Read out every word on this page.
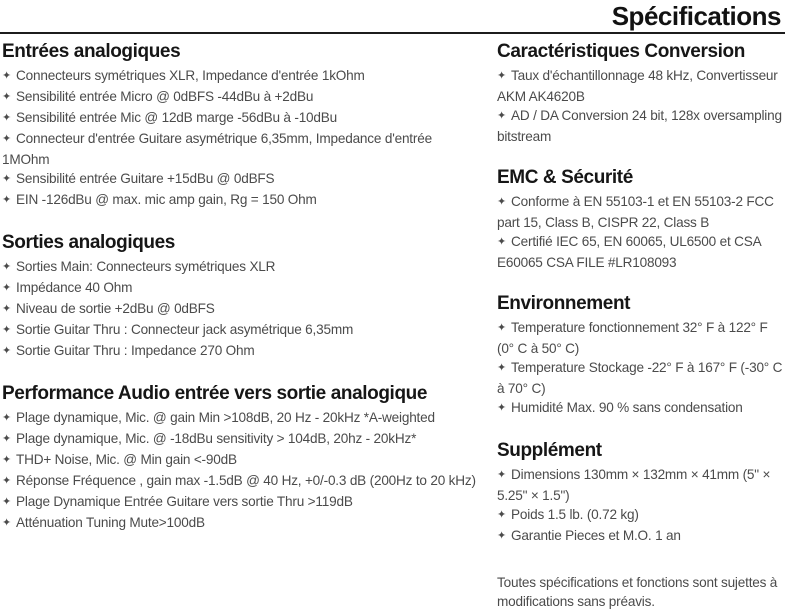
Spécifications
Entrées analogiques
✦ Connecteurs symétriques XLR, Impedance d'entrée 1kOhm
✦ Sensibilité entrée Micro @ 0dBFS -44dBu à +2dBu
✦ Sensibilité entrée Mic @ 12dB marge -56dBu à -10dBu
✦ Connecteur d'entrée Guitare asymétrique 6,35mm, Impedance d'entrée 1MOhm
✦ Sensibilité entrée Guitare +15dBu @ 0dBFS
✦ EIN -126dBu @ max. mic amp gain, Rg = 150 Ohm
Sorties analogiques
✦ Sorties Main: Connecteurs symétriques XLR
✦ Impédance 40 Ohm
✦ Niveau de sortie +2dBu @ 0dBFS
✦ Sortie Guitar Thru : Connecteur jack asymétrique 6,35mm
✦ Sortie Guitar Thru : Impedance 270 Ohm
Performance Audio entrée vers sortie analogique
✦ Plage dynamique, Mic. @ gain Min >108dB, 20 Hz - 20kHz *A-weighted
✦ Plage dynamique, Mic. @ -18dBu sensitivity > 104dB, 20hz - 20kHz*
✦ THD+ Noise, Mic. @ Min gain <-90dB
✦ Réponse Fréquence , gain max -1.5dB @ 40 Hz, +0/-0.3 dB (200Hz to 20 kHz)
✦ Plage Dynamique Entrée Guitare vers sortie Thru >119dB
✦ Atténuation Tuning Mute>100dB
Caractéristiques Conversion
✦ Taux d'échantillonnage 48 kHz, Convertisseur AKM AK4620B
✦ AD / DA Conversion 24 bit, 128x oversampling bitstream
EMC & Sécurité
✦ Conforme à EN 55103-1 et EN 55103-2 FCC part 15, Class B, CISPR 22, Class B
✦ Certifié IEC 65, EN 60065, UL6500 et CSA E60065 CSA FILE #LR108093
Environnement
✦ Temperature fonctionnement 32° F à 122° F (0° C à 50° C)
✦ Temperature Stockage -22° F à 167° F (-30° C à 70° C)
✦ Humidité Max. 90 % sans condensation
Supplément
✦ Dimensions 130mm × 132mm × 41mm (5" × 5.25" × 1.5")
✦ Poids 1.5 lb. (0.72 kg)
✦ Garantie Pieces et M.O. 1 an
Toutes spécifications et fonctions sont sujettes à modifications sans préavis.
